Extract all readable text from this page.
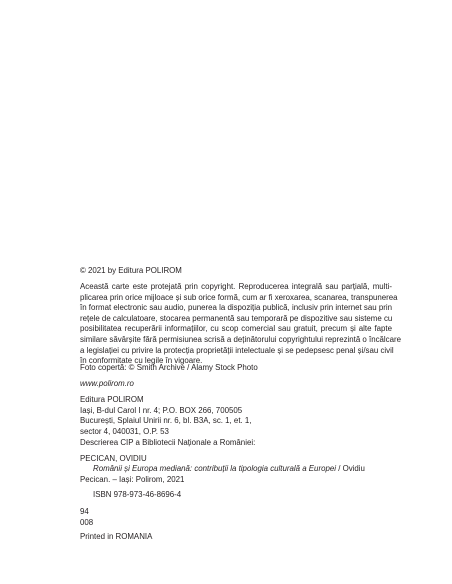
© 2021 by Editura POLIROM
Această carte este protejată prin copyright. Reproducerea integrală sau parțială, multi-
plicarea prin orice mijloace și sub orice formă, cum ar fi xeroxarea, scanarea, transpunerea
în format electronic sau audio, punerea la dispoziția publică, inclusiv prin internet sau prin
rețele de calculatoare, stocarea permanentă sau temporară pe dispozitive sau sisteme cu
posibilitatea recuperării informațiilor, cu scop comercial sau gratuit, precum și alte fapte
similare săvârșite fără permisiunea scrisă a deținătorului copyrightului reprezintă o încălcare
a legislației cu privire la protecția proprietății intelectuale și se pedepsesc penal și/sau civil
în conformitate cu legile în vigoare.
Foto copertă: © Smith Archive / Alamy Stock Photo
www.polirom.ro
Editura POLIROM
Iași, B-dul Carol I nr. 4; P.O. BOX 266, 700505
București, Splaiul Unirii nr. 6, bl. B3A, sc. 1, et. 1,
sector 4, 040031, O.P. 53
Descrierea CIP a Bibliotecii Naționale a României:
PECICAN, OVIDIU
Românii și Europa mediană: contribuții la tipologia culturală a Europei / Ovidiu
Pecican. – Iași: Polirom, 2021
ISBN 978-973-46-8696-4
94
008
Printed in ROMANIA
